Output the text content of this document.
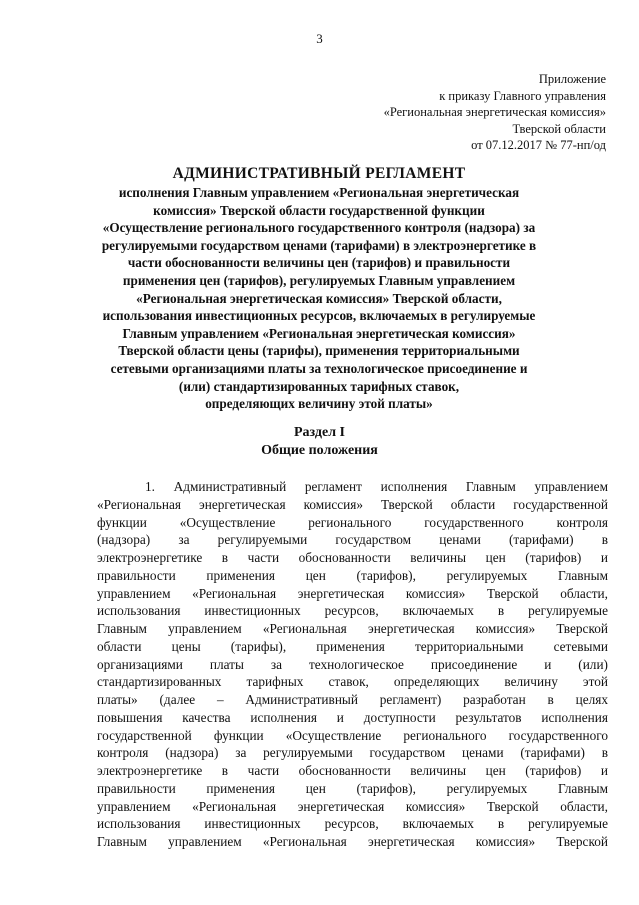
3
Приложение
к приказу Главного управления
«Региональная энергетическая комиссия»
Тверской области
от 07.12.2017 № 77-нп/од
АДМИНИСТРАТИВНЫЙ РЕГЛАМЕНТ
исполнения Главным управлением «Региональная энергетическая
комиссия» Тверской области государственной функции
«Осуществление регионального государственного контроля (надзора) за
регулируемыми государством ценами (тарифами) в электроэнергетике в
части обоснованности величины цен (тарифов) и правильности
применения цен (тарифов), регулируемых Главным управлением
«Региональная энергетическая комиссия» Тверской области,
использования инвестиционных ресурсов, включаемых в регулируемые
Главным управлением «Региональная энергетическая комиссия»
Тверской области цены (тарифы), применения территориальными
сетевыми организациями платы за технологическое присоединение и
(или) стандартизированных тарифных ставок,
определяющих величину этой платы»
Раздел I
Общие положения
1. Административный регламент исполнения Главным управлением
«Региональная энергетическая комиссия» Тверской области государственной
функции «Осуществление регионального государственного контроля
(надзора) за регулируемыми государством ценами (тарифами) в
электроэнергетике в части обоснованности величины цен (тарифов) и
правильности применения цен (тарифов), регулируемых Главным
управлением «Региональная энергетическая комиссия» Тверской области,
использования инвестиционных ресурсов, включаемых в регулируемые
Главным управлением «Региональная энергетическая комиссия» Тверской
области цены (тарифы), применения территориальными сетевыми
организациями платы за технологическое присоединение и (или)
стандартизированных тарифных ставок, определяющих величину этой
платы» (далее – Административный регламент) разработан в целях
повышения качества исполнения и доступности результатов исполнения
государственной функции «Осуществление регионального государственного
контроля (надзора) за регулируемыми государством ценами (тарифами) в
электроэнергетике в части обоснованности величины цен (тарифов) и
правильности применения цен (тарифов), регулируемых Главным
управлением «Региональная энергетическая комиссия» Тверской области,
использования инвестиционных ресурсов, включаемых в регулируемые
Главным управлением «Региональная энергетическая комиссия» Тверской
